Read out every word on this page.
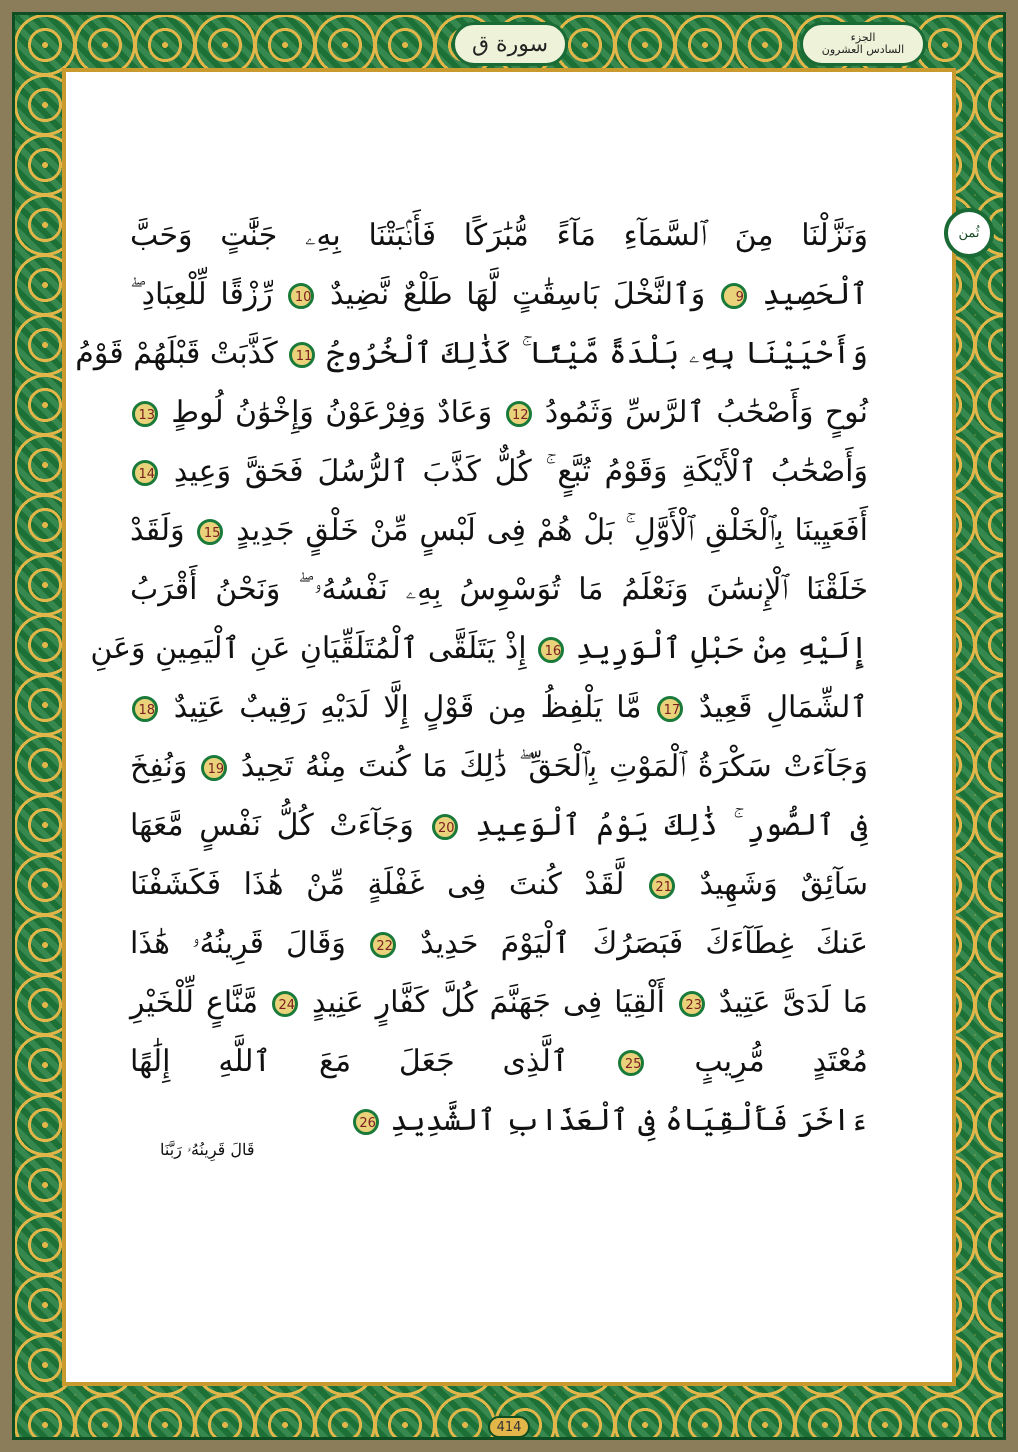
سورة ق	الجزء
السادس العشرون
ثُمن
وَنَزَّلْنَا مِنَ ٱلسَّمَآءِ مَآءً مُّبَٰرَكًا فَأَنۢبَتْنَا بِهِۦ جَنَّٰتٍ وَحَبَّ
ٱلْحَصِيدِ 9 وَٱلنَّخْلَ بَاسِقَٰتٍ لَّهَا طَلْعٌ نَّضِيدٌ 10 رِّزْقًا لِّلْعِبَادِ ۖ
وَأَحْيَيْنَا بِهِۦ بَلْدَةً مَّيْتًا ۚ كَذَٰلِكَ ٱلْخُرُوجُ 11 كَذَّبَتْ قَبْلَهُمْ قَوْمُ
نُوحٍ وَأَصْحَٰبُ ٱلرَّسِّ وَثَمُودُ 12 وَعَادٌ وَفِرْعَوْنُ وَإِخْوَٰنُ لُوطٍ 13
وَأَصْحَٰبُ ٱلْأَيْكَةِ وَقَوْمُ تُبَّعٍ ۚ كُلٌّ كَذَّبَ ٱلرُّسُلَ فَحَقَّ وَعِيدِ 14
أَفَعَيِينَا بِٱلْخَلْقِ ٱلْأَوَّلِ ۚ بَلْ هُمْ فِى لَبْسٍ مِّنْ خَلْقٍ جَدِيدٍ 15 وَلَقَدْ
خَلَقْنَا ٱلْإِنسَٰنَ وَنَعْلَمُ مَا تُوَسْوِسُ بِهِۦ نَفْسُهُۥ ۖ وَنَحْنُ أَقْرَبُ
إِلَيْهِ مِنْ حَبْلِ ٱلْوَرِيدِ 16 إِذْ يَتَلَقَّى ٱلْمُتَلَقِّيَانِ عَنِ ٱلْيَمِينِ وَعَنِ
ٱلشِّمَالِ قَعِيدٌ 17 مَّا يَلْفِظُ مِن قَوْلٍ إِلَّا لَدَيْهِ رَقِيبٌ عَتِيدٌ 18
وَجَآءَتْ سَكْرَةُ ٱلْمَوْتِ بِٱلْحَقِّ ۖ ذَٰلِكَ مَا كُنتَ مِنْهُ تَحِيدُ 19 وَنُفِخَ
فِى ٱلصُّورِ ۚ ذَٰلِكَ يَوْمُ ٱلْوَعِيدِ 20 وَجَآءَتْ كُلُّ نَفْسٍ مَّعَهَا
سَآئِقٌ وَشَهِيدٌ 21 لَّقَدْ كُنتَ فِى غَفْلَةٍ مِّنْ هَٰذَا فَكَشَفْنَا
عَنكَ غِطَآءَكَ فَبَصَرُكَ ٱلْيَوْمَ حَدِيدٌ 22 وَقَالَ قَرِينُهُۥ هَٰذَا
مَا لَدَىَّ عَتِيدٌ 23 أَلْقِيَا فِى جَهَنَّمَ كُلَّ كَفَّارٍ عَنِيدٍ 24 مَّنَّاعٍ لِّلْخَيْرِ
مُعْتَدٍ مُّرِيبٍ 25 ٱلَّذِى جَعَلَ مَعَ ٱللَّهِ إِلَٰهًا
ءَاخَرَ فَأَلْقِيَاهُ فِى ٱلْعَذَابِ ٱلشَّدِيدِ 26
قَالَ قَرِينُهُۥ رَبَّنَا
414
